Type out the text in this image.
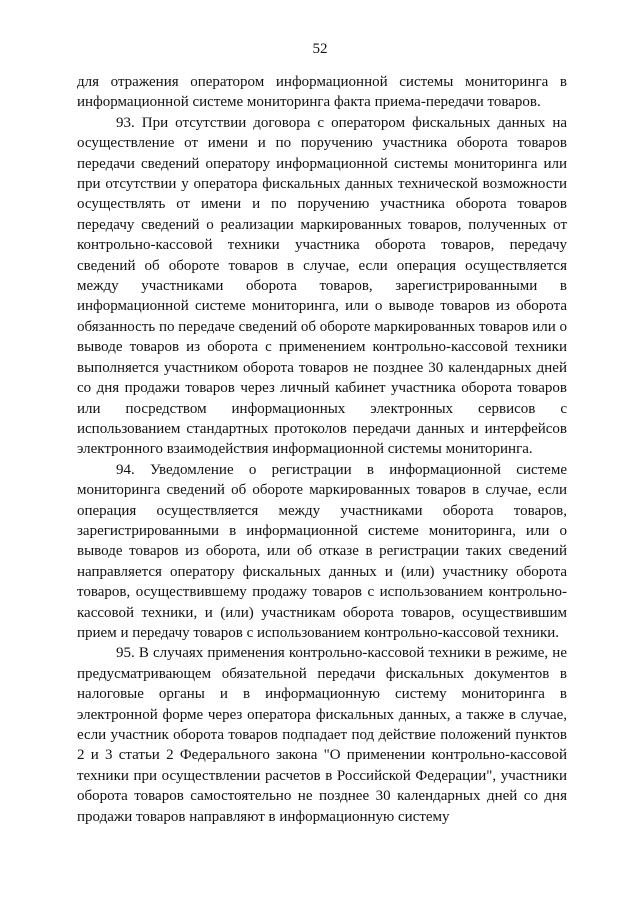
52

для отражения оператором информационной системы мониторинга в информационной системе мониторинга факта приема-передачи товаров.

93. При отсутствии договора с оператором фискальных данных на осуществление от имени и по поручению участника оборота товаров передачи сведений оператору информационной системы мониторинга или при отсутствии у оператора фискальных данных технической возможности осуществлять от имени и по поручению участника оборота товаров передачу сведений о реализации маркированных товаров, полученных от контрольно-кассовой техники участника оборота товаров, передачу сведений об обороте товаров в случае, если операция осуществляется между участниками оборота товаров, зарегистрированными в информационной системе мониторинга, или о выводе товаров из оборота обязанность по передаче сведений об обороте маркированных товаров или о выводе товаров из оборота с применением контрольно-кассовой техники выполняется участником оборота товаров не позднее 30 календарных дней со дня продажи товаров через личный кабинет участника оборота товаров или посредством информационных электронных сервисов с использованием стандартных протоколов передачи данных и интерфейсов электронного взаимодействия информационной системы мониторинга.

94. Уведомление о регистрации в информационной системе мониторинга сведений об обороте маркированных товаров в случае, если операция осуществляется между участниками оборота товаров, зарегистрированными в информационной системе мониторинга, или о выводе товаров из оборота, или об отказе в регистрации таких сведений направляется оператору фискальных данных и (или) участнику оборота товаров, осуществившему продажу товаров с использованием контрольно-кассовой техники, и (или) участникам оборота товаров, осуществившим прием и передачу товаров с использованием контрольно-кассовой техники.

95. В случаях применения контрольно-кассовой техники в режиме, не предусматривающем обязательной передачи фискальных документов в налоговые органы и в информационную систему мониторинга в электронной форме через оператора фискальных данных, а также в случае, если участник оборота товаров подпадает под действие положений пунктов 2 и 3 статьи 2 Федерального закона "О применении контрольно-кассовой техники при осуществлении расчетов в Российской Федерации", участники оборота товаров самостоятельно не позднее 30 календарных дней со дня продажи товаров направляют в информационную систему
